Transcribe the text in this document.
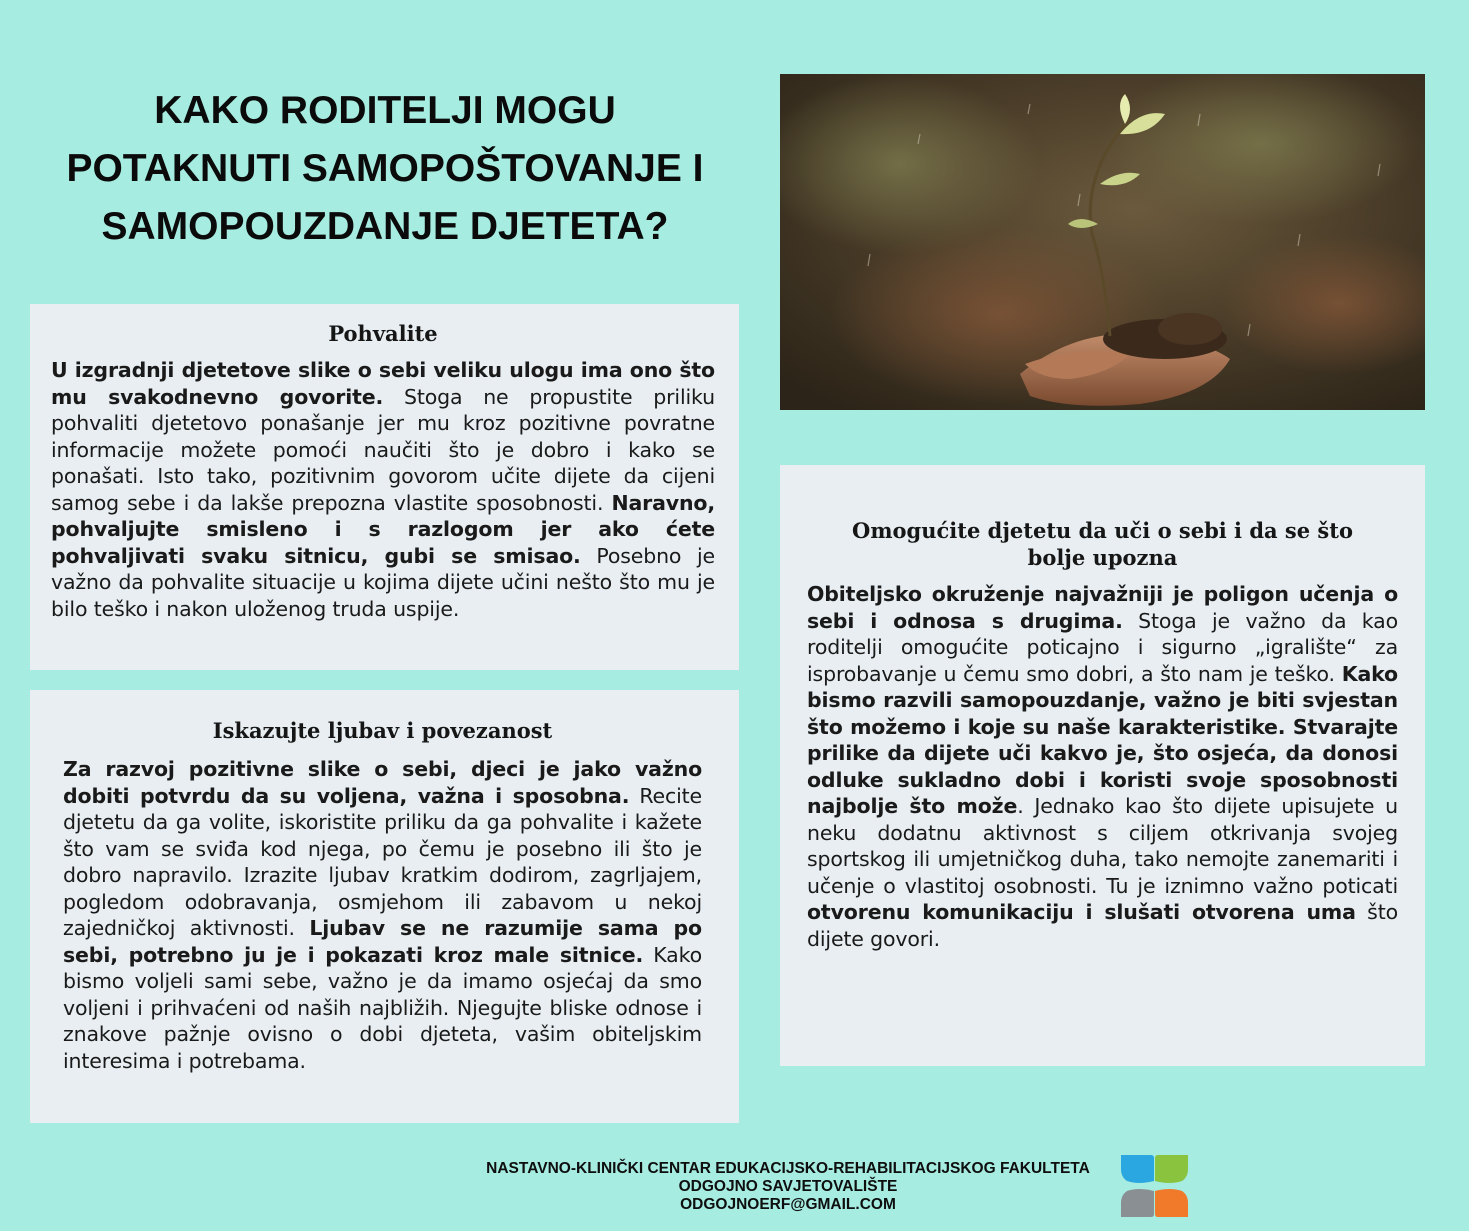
KAKO RODITELJI MOGU
POTAKNUTI SAMOPOŠTOVANJE I
SAMOPOUZDANJE DJETETA?
Pohvalite

U izgradnji djetetove slike o sebi veliku ulogu ima ono što mu svakodnevno govorite. Stoga ne propustite priliku pohvaliti djetetovo ponašanje jer mu kroz pozitivne povratne informacije možete pomoći naučiti što je dobro i kako se ponašati. Isto tako, pozitivnim govorom učite dijete da cijeni samog sebe i da lakše prepozna vlastite sposobnosti. Naravno, pohvaljujte smisleno i s razlogom jer ako ćete pohvaljivati svaku sitnicu, gubi se smisao. Posebno je važno da pohvalite situacije u kojima dijete učini nešto što mu je bilo teško i nakon uloženog truda uspije.

Iskazujte ljubav i povezanost

Za razvoj pozitivne slike o sebi, djeci je jako važno dobiti potvrdu da su voljena, važna i sposobna. Recite djetetu da ga volite, iskoristite priliku da ga pohvalite i kažete što vam se sviđa kod njega, po čemu je posebno ili što je dobro napravilo. Izrazite ljubav kratkim dodirom, zagrljajem, pogledom odobravanja, osmjehom ili zabavom u nekoj zajedničkoj aktivnosti. Ljubav se ne razumije sama po sebi, potrebno ju je i pokazati kroz male sitnice. Kako bismo voljeli sami sebe, važno je da imamo osjećaj da smo voljeni i prihvaćeni od naših najbližih. Njegujte bliske odnose i znakove pažnje ovisno o dobi djeteta, vašim obiteljskim interesima i potrebama.

Omogućite djetetu da uči o sebi i da se što bolje upozna

Obiteljsko okruženje najvažniji je poligon učenja o sebi i odnosa s drugima. Stoga je važno da kao roditelji omogućite poticajno i sigurno „igralište“ za isprobavanje u čemu smo dobri, a što nam je teško. Kako bismo razvili samopouzdanje, važno je biti svjestan što možemo i koje su naše karakteristike. Stvarajte prilike da dijete uči kakvo je, što osjeća, da donosi odluke sukladno dobi i koristi svoje sposobnosti najbolje što može. Jednako kao što dijete upisujete u neku dodatnu aktivnost s ciljem otkrivanja svojeg sportskog ili umjetničkog duha, tako nemojte zanemariti i učenje o vlastitoj osobnosti. Tu je iznimno važno poticati otvorenu komunikaciju i slušati otvorena uma što dijete govori.

NASTAVNO-KLINIČKI CENTAR EDUKACIJSKO-REHABILITACIJSKOG FAKULTETA
ODGOJNO SAVJETOVALIŠTE
ODGOJNOERF@GMAIL.COM
